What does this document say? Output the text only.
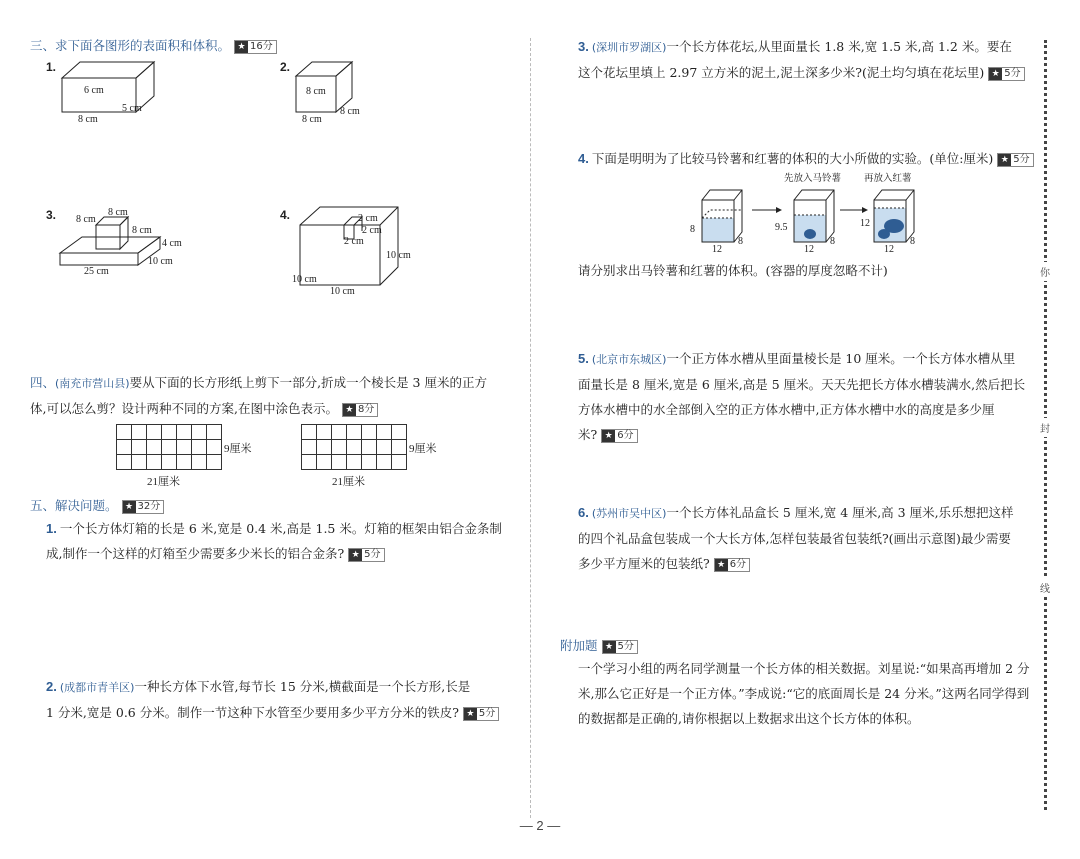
三、求下面各图形的表面积和体积。 ★ 16分
1.
6 cm
5 cm
8 cm
2.
8 cm
8 cm
8 cm
3.	8 cm
8 cm
8 cm
4 cm
10 cm
25 cm
4.	2 cm
2 cm
2 cm
10 cm
10 cm
10 cm
四、(南充市营山县)要从下面的长方形纸上剪下一部分,折成一个棱长是 3 厘米的正方
体,可以怎么剪？设计两种不同的方案,在图中涂色表示。 ★ 8分
9厘米
21厘米
9厘米
21厘米
五、解决问题。 ★ 32分
1. 一个长方体灯箱的长是 6 米,宽是 0.4 米,高是 1.5 米。灯箱的框架由铝合金条制
成,制作一个这样的灯箱至少需要多少米长的铝合金条? ★ 5分
2. (成都市青羊区)一种长方体下水管,每节长 15 分米,横截面是一个长方形,长是
1 分米,宽是 0.6 分米。制作一节这种下水管至少要用多少平方分米的铁皮? ★ 5分
3. (深圳市罗湖区)一个长方体花坛,从里面量长 1.8 米,宽 1.5 米,高 1.2 米。要在
这个花坛里填上 2.97 立方米的泥土,泥土深多少米?(泥土均匀填在花坛里) ★ 5分
4. 下面是明明为了比较马铃薯和红薯的体积的大小所做的实验。(单位:厘米) ★ 5分
先放入马铃薯 再放入红薯
8
12
8
9.5
12
8
12
12
8
请分别求出马铃薯和红薯的体积。(容器的厚度忽略不计)
5. (北京市东城区)一个正方体水槽从里面量棱长是 10 厘米。一个长方体水槽从里
面量长是 8 厘米,宽是 6 厘米,高是 5 厘米。天天先把长方体水槽装满水,然后把长
方体水槽中的水全部倒入空的正方体水槽中,正方体水槽中水的高度是多少厘
米? ★ 6分
6. (苏州市吴中区)一个长方体礼品盒长 5 厘米,宽 4 厘米,高 3 厘米,乐乐想把这样
的四个礼品盒包装成一个大长方体,怎样包装最省包装纸?(画出示意图)最少需要
多少平方厘米的包装纸? ★ 6分
附加题 ★ 5分
一个学习小组的两名同学测量一个长方体的相关数据。刘星说:“如果高再增加 2 分
米,那么它正好是一个正方体。”李成说:“它的底面周长是 24 分米。”这两名同学得到
的数据都是正确的,请你根据以上数据求出这个长方体的体积。
你
封
线
— 2 —
